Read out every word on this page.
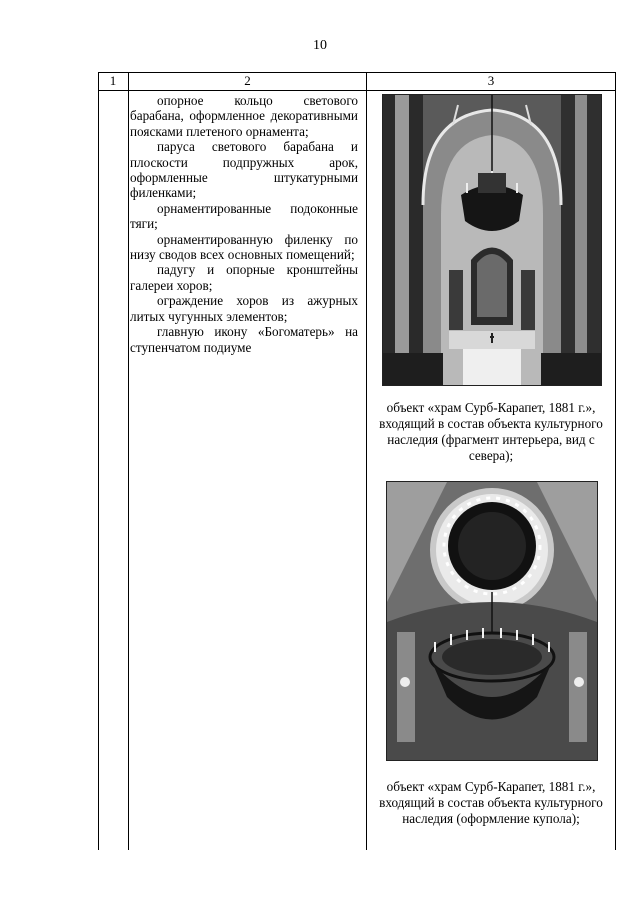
10
1	2	3

опорное кольцо светового барабана, оформленное декоративными поясками плетеного орнамента;

паруса светового барабана и плоскости подпружных арок, оформленные штукатурными филенками;

орнаментированные подоконные тяги;

орнаментированную филенку по низу сводов всех основных помещений;

падугу и опорные кронштейны галереи хоров;

ограждение хоров из ажурных литых чугунных элементов;

главную икону «Богоматерь» на ступенчатом подиуме

объект «храм Сурб-Карапет, 1881 г.», входящий в состав объекта культурного наследия (фрагмент интерьера, вид с севера);
объект «храм Сурб-Карапет, 1881 г.», входящий в состав объекта культурного наследия (оформление купола);
